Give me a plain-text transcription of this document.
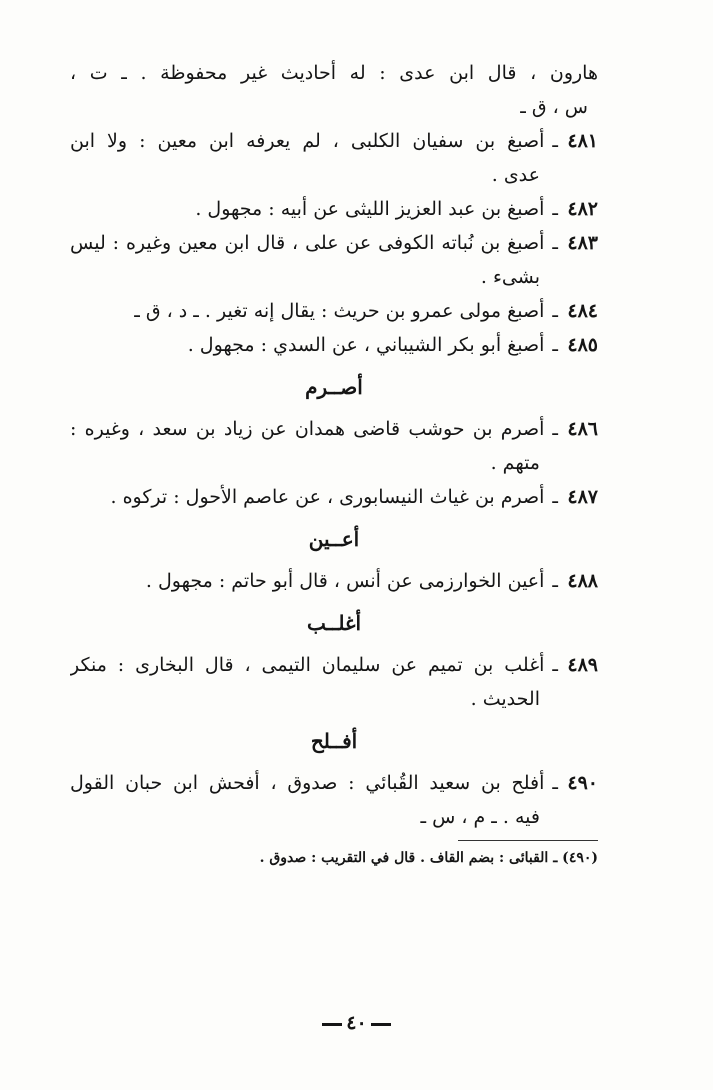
هارون ، قال ابن عدى : له أحاديث غير محفوظة . ـ ت ،
س ، ق ـ
٤٨١ـأصبغ بن سفيان الكلبى ، لم يعرفه ابن معين : ولا ابن
عدى .
٤٨٢ـأصبغ بن عبد العزيز الليثى عن أبيه : مجهول .
٤٨٣ـأصبغ بن نُباته الكوفى عن على ، قال ابن معين وغيره : ليس
بشىء .
٤٨٤ـأصبغ مولى عمرو بن حريث : يقال إنه تغير . ـ د ، ق ـ
٤٨٥ـأصبغ أبو بكر الشيباني ، عن السدي : مجهول .
أصــرم
٤٨٦ـأصرم بن حوشب قاضى همدان عن زياد بن سعد ، وغيره :
متهم .
٤٨٧ـأصرم بن غياث النيسابورى ، عن عاصم الأحول : تركوه .
أعــين
٤٨٨ـأعين الخوارزمى عن أنس ، قال أبو حاتم : مجهول .
أغلــب
٤٨٩ـأغلب بن تميم عن سليمان التيمى ، قال البخارى : منكر
الحديث .
أفــلح
٤٩٠ـأفلح بن سعيد القُبائي : صدوق ، أفحش ابن حبان القول
فيه . ـ م ، س ـ
(٤٩٠) ـ القبائى : بضم القاف . قال في التقريب : صدوق .
٤٠
